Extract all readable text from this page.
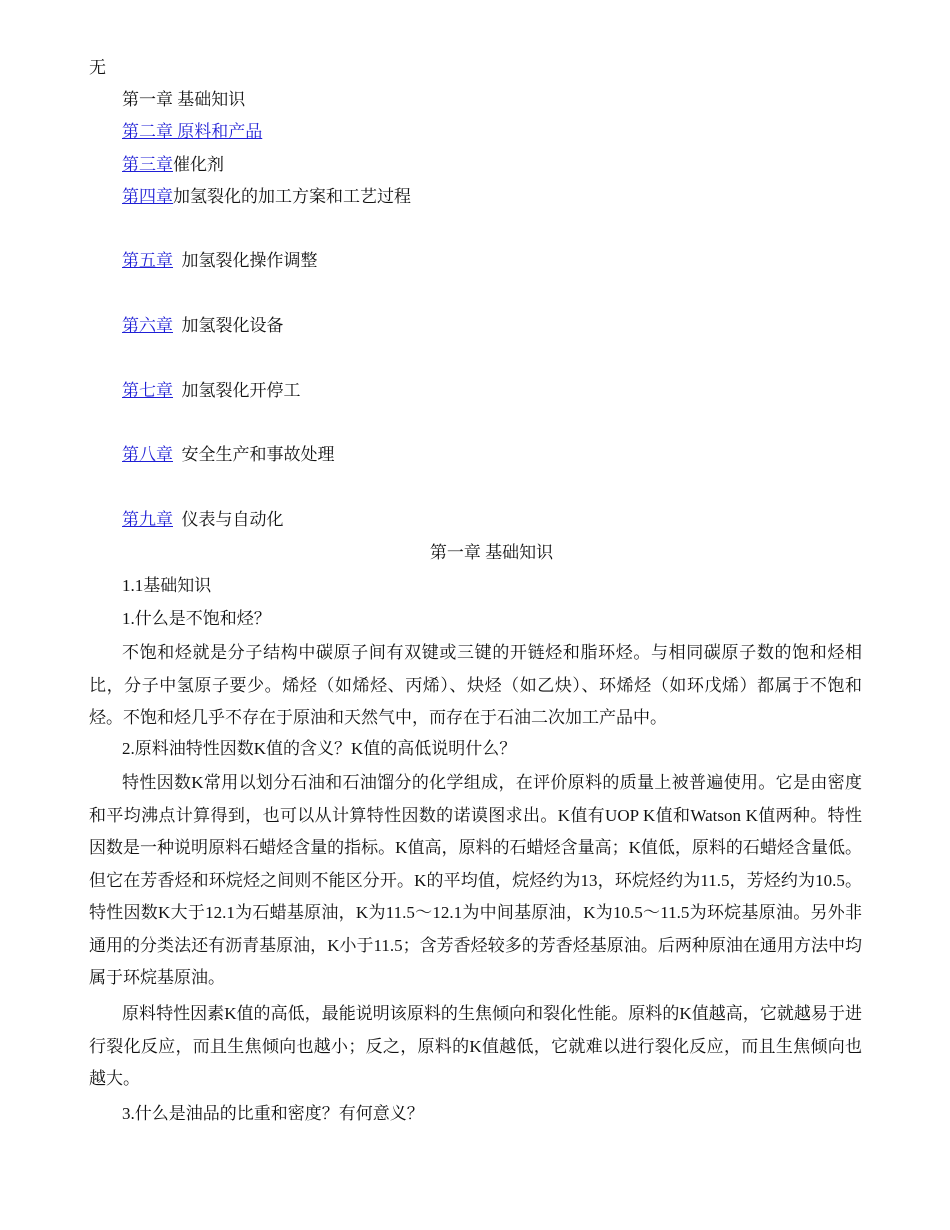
无
第一章 基础知识
第二章 原料和产品
第三章催化剂
第四章加氢裂化的加工方案和工艺过程
第五章 加氢裂化操作调整
第六章 加氢裂化设备
第七章 加氢裂化开停工
第八章 安全生产和事故处理
第九章 仪表与自动化
第一章 基础知识
1.1基础知识
1.什么是不饱和烃？
不饱和烃就是分子结构中碳原子间有双键或三键的开链烃和脂环烃。与相同碳原子数的饱和烃相比，分子中氢原子要少。烯烃（如烯烃、丙烯）、炔烃（如乙炔）、环烯烃（如环戊烯）都属于不饱和烃。不饱和烃几乎不存在于原油和天然气中，而存在于石油二次加工产品中。
2.原料油特性因数K值的含义？K值的高低说明什么？
特性因数K常用以划分石油和石油馏分的化学组成，在评价原料的质量上被普遍使用。它是由密度和平均沸点计算得到，也可以从计算特性因数的诺谟图求出。K值有UOP K值和Watson K值两种。特性因数是一种说明原料石蜡烃含量的指标。K值高，原料的石蜡烃含量高；K值低，原料的石蜡烃含量低。但它在芳香烃和环烷烃之间则不能区分开。K的平均值，烷烃约为13，环烷烃约为11.5，芳烃约为10.5。特性因数K大于12.1为石蜡基原油，K为11.5～12.1为中间基原油，K为10.5～11.5为环烷基原油。另外非通用的分类法还有沥青基原油，K小于11.5；含芳香烃较多的芳香烃基原油。后两种原油在通用方法中均属于环烷基原油。
原料特性因素K值的高低，最能说明该原料的生焦倾向和裂化性能。原料的K值越高，它就越易于进行裂化反应，而且生焦倾向也越小；反之，原料的K值越低，它就难以进行裂化反应，而且生焦倾向也越大。
3.什么是油品的比重和密度？有何意义？
